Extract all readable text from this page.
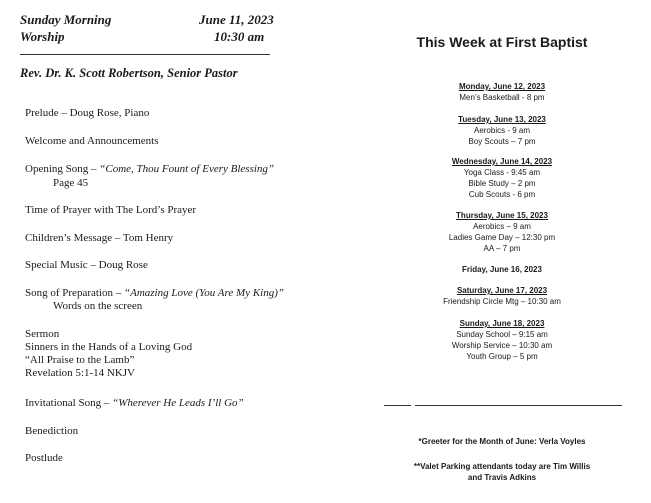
Sunday Morning	June 11, 2023
Worship	10:30 am
Rev. Dr. K. Scott Robertson, Senior Pastor
Prelude – Doug Rose, Piano
Welcome and Announcements
Opening Song – “Come, Thou Fount of Every Blessing”
Page 45
Time of Prayer with The Lord’s Prayer
Children’s Message – Tom Henry
Special Music – Doug Rose
Song of Preparation – “Amazing Love (You Are My King)”
Words on the screen
Sermon
Sinners in the Hands of a Loving God
“All Praise to the Lamb”
Revelation 5:1-14 NKJV
Invitational Song – “Wherever He Leads I’ll Go”
Benediction
Postlude
This Week at First Baptist
Monday, June 12, 2023
Men’s Basketball - 8 pm
Tuesday, June 13, 2023
Aerobics - 9 am
Boy Scouts – 7 pm
Wednesday, June 14, 2023
Yoga Class - 9:45 am
Bible Study – 2 pm
Cub Scouts - 6 pm
Thursday, June 15, 2023
Aerobics – 9 am
Ladies Game Day – 12:30 pm
AA – 7 pm
Friday, June 16, 2023
Saturday, June 17, 2023
Friendship Circle Mtg – 10:30 am
Sunday, June 18, 2023
Sunday School – 9:15 am
Worship Service – 10:30 am
Youth Group – 5 pm
*Greeter for the Month of June: Verla Voyles
**Valet Parking attendants today are Tim Willis
and Travis Adkins
